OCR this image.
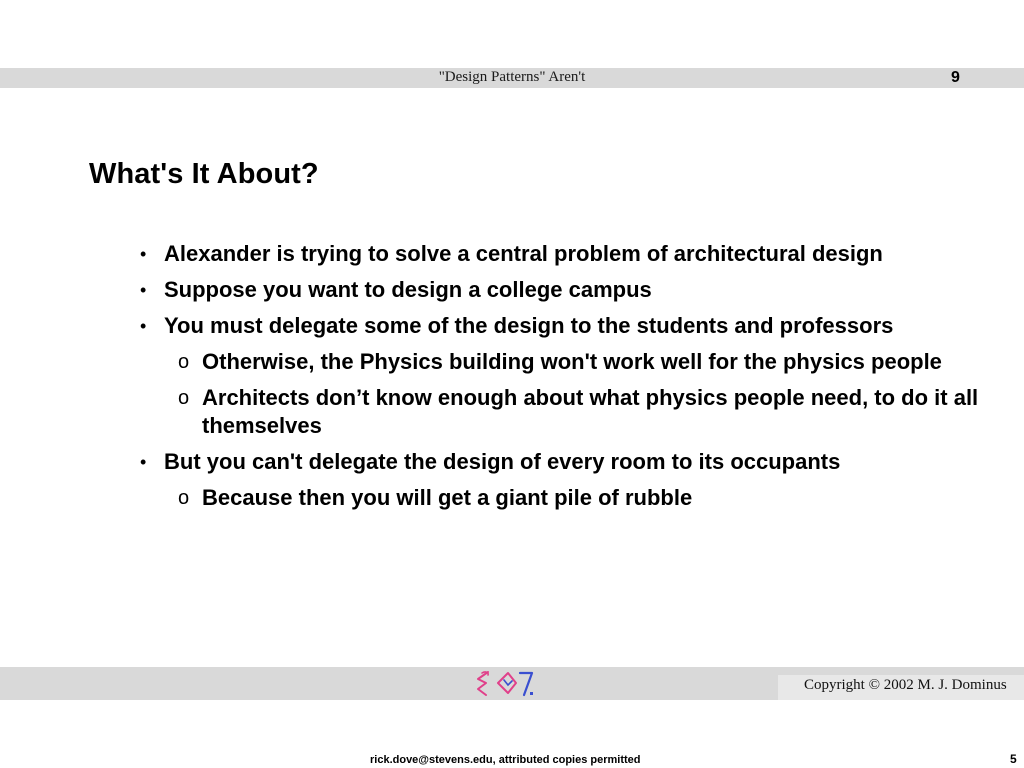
"Design Patterns" Aren't	9
What's It About?
• Alexander is trying to solve a central problem of architectural design
• Suppose you want to design a college campus
• You must delegate some of the design to the students and professors
o Otherwise, the Physics building won't work well for the physics people
o Architects don’t know enough about what physics people need, to do it all themselves
• But you can't delegate the design of every room to its occupants
o Because then you will get a giant pile of rubble
Copyright © 2002 M. J. Dominus
rick.dove@stevens.edu, attributed copies permitted	5
